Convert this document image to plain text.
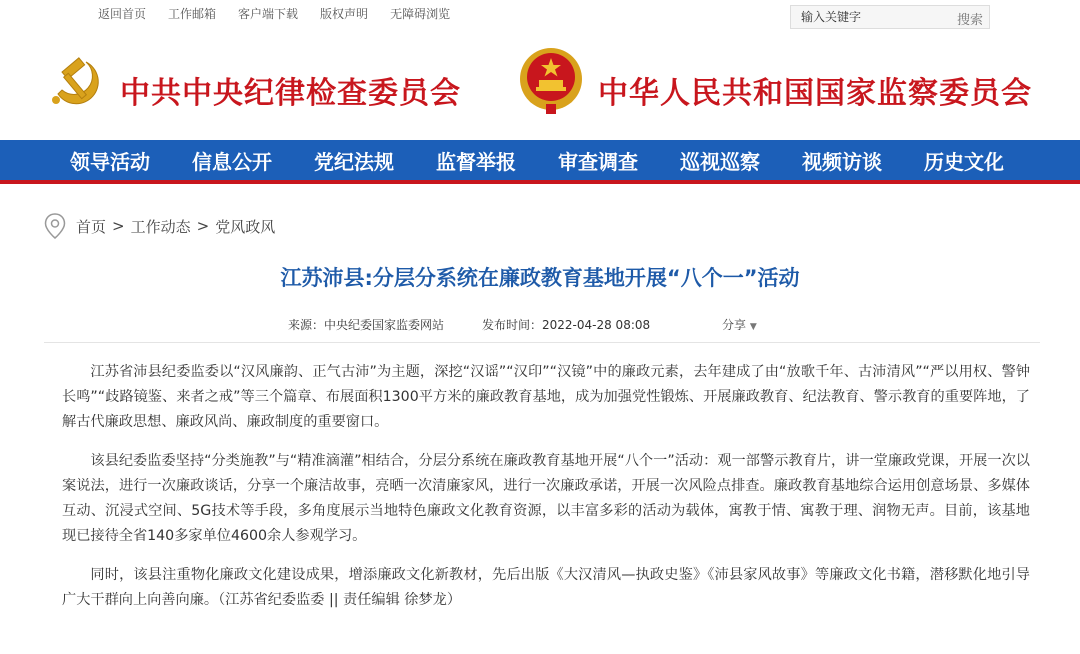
返回首页 工作邮箱 客户端下载 版权声明 无障碍浏览
输入关键字	搜索
中共中央纪律检查委员会	中华人民共和国国家监察委员会
领导活动 信息公开 党纪法规 监督举报 审查调查 巡视巡察 视频访谈 历史文化
首页 > 工作动态 > 党风政风
江苏沛县:分层分系统在廉政教育基地开展“八个一”活动
来源：中央纪委国家监委网站	发布时间：2022-04-28 08:08	分享 ▼

江苏省沛县纪委监委以“汉风廉韵、正气古沛”为主题，深挖“汉谣”“汉印”“汉镜”中的廉政元素，去年建成了由“放歌千年、古沛清风”“严以用权、警钟长鸣”“歧路镜鉴、来者之戒”等三个篇章、布展面积1300平方米的廉政教育基地，成为加强党性锻炼、开展廉政教育、纪法教育、警示教育的重要阵地，了解古代廉政思想、廉政风尚、廉政制度的重要窗口。

该县纪委监委坚持“分类施教”与“精准滴灌”相结合，分层分系统在廉政教育基地开展“八个一”活动：观一部警示教育片，讲一堂廉政党课，开展一次以案说法，进行一次廉政谈话，分享一个廉洁故事，亮晒一次清廉家风，进行一次廉政承诺，开展一次风险点排查。廉政教育基地综合运用创意场景、多媒体互动、沉浸式空间、5G技术等手段，多角度展示当地特色廉政文化教育资源，以丰富多彩的活动为载体，寓教于情、寓教于理、润物无声。目前，该基地现已接待全省140多家单位4600余人参观学习。

同时，该县注重物化廉政文化建设成果，增添廉政文化新教材，先后出版《大汉清风—执政史鉴》《沛县家风故事》等廉政文化书籍，潜移默化地引导广大干群向上向善向廉。（江苏省纪委监委 || 责任编辑 徐梦龙）
